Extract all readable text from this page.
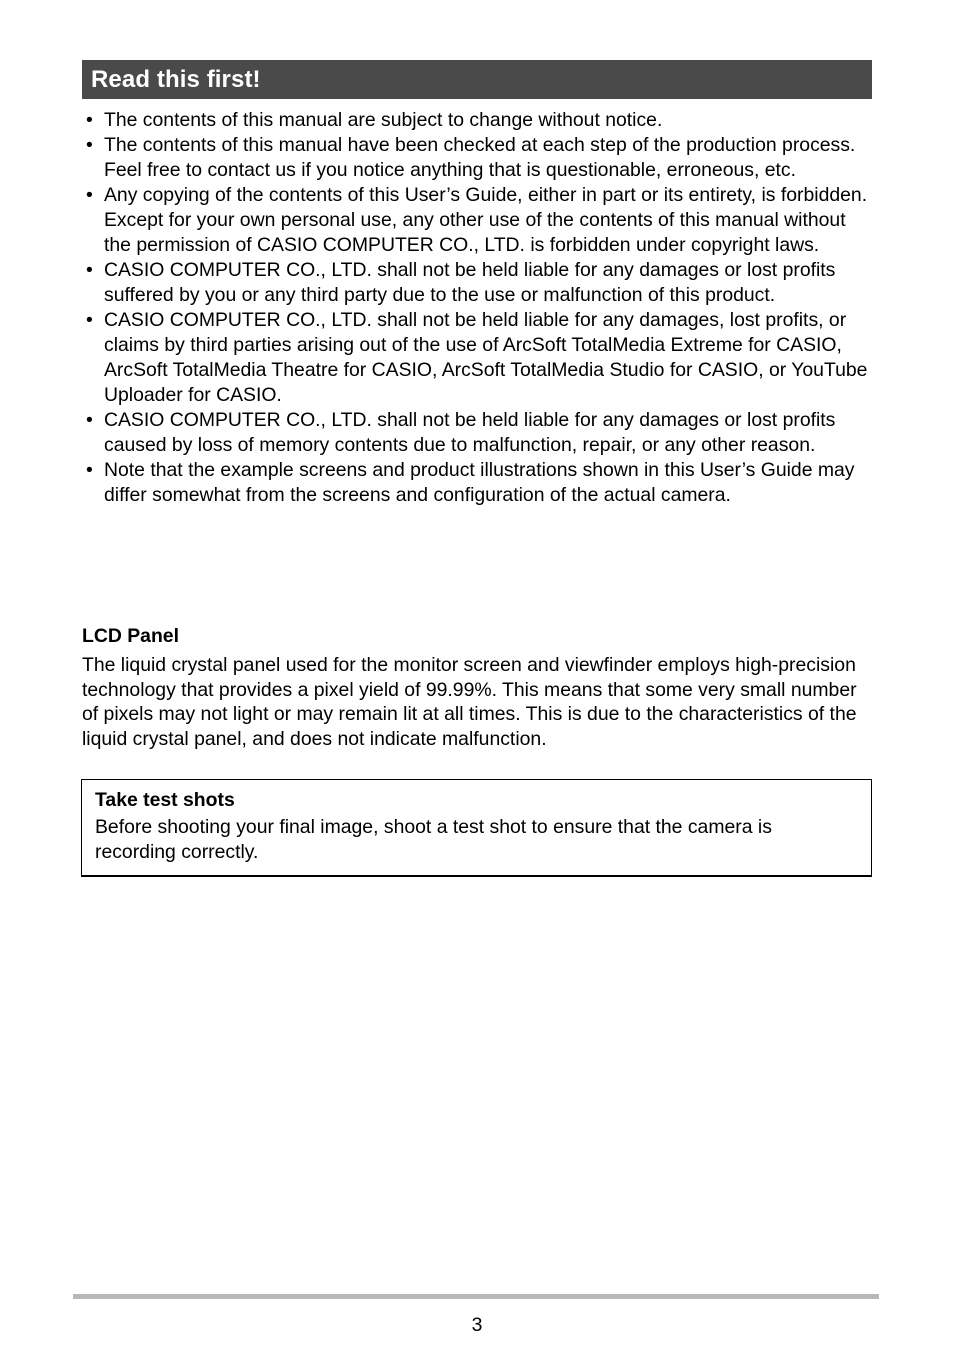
Read this first!
• The contents of this manual are subject to change without notice.
• The contents of this manual have been checked at each step of the production process. Feel free to contact us if you notice anything that is questionable, erroneous, etc.
• Any copying of the contents of this User’s Guide, either in part or its entirety, is forbidden. Except for your own personal use, any other use of the contents of this manual without the permission of CASIO COMPUTER CO., LTD. is forbidden under copyright laws.
• CASIO COMPUTER CO., LTD. shall not be held liable for any damages or lost profits suffered by you or any third party due to the use or malfunction of this product.
• CASIO COMPUTER CO., LTD. shall not be held liable for any damages, lost profits, or claims by third parties arising out of the use of ArcSoft TotalMedia Extreme for CASIO, ArcSoft TotalMedia Theatre for CASIO, ArcSoft TotalMedia Studio for CASIO, or YouTube Uploader for CASIO.
• CASIO COMPUTER CO., LTD. shall not be held liable for any damages or lost profits caused by loss of memory contents due to malfunction, repair, or any other reason.
• Note that the example screens and product illustrations shown in this User’s Guide may differ somewhat from the screens and configuration of the actual camera.
LCD Panel

The liquid crystal panel used for the monitor screen and viewfinder employs high-precision technology that provides a pixel yield of 99.99%. This means that some very small number of pixels may not light or may remain lit at all times. This is due to the characteristics of the liquid crystal panel, and does not indicate malfunction.

Take test shots

Before shooting your final image, shoot a test shot to ensure that the camera is recording correctly.

3
